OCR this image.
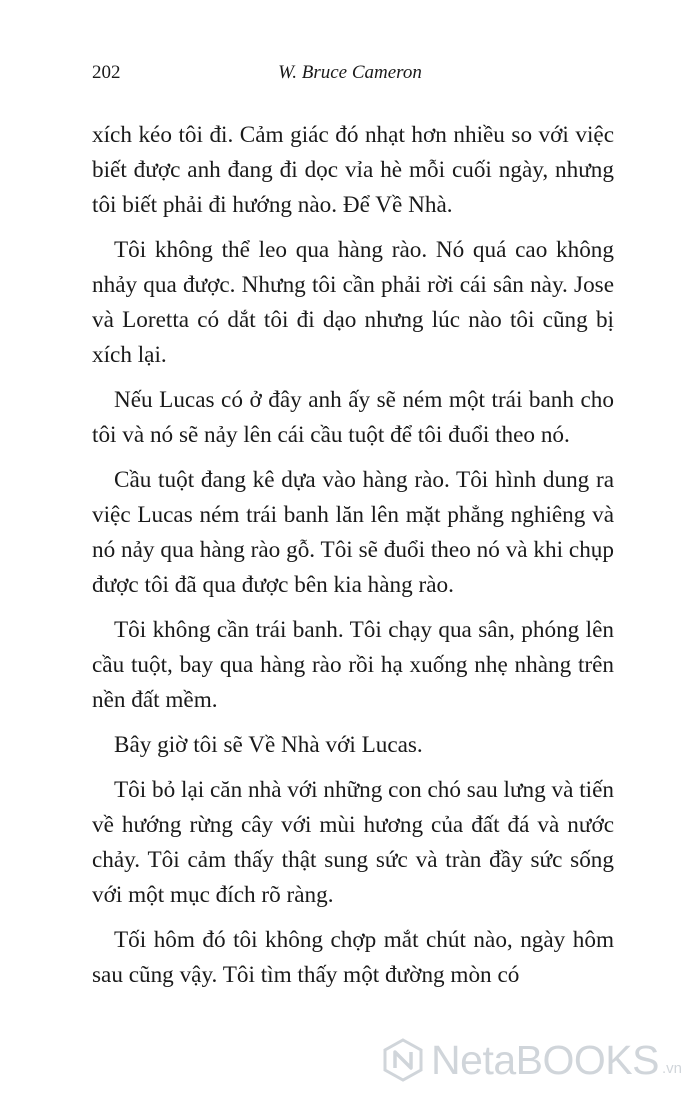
202	W. Bruce Cameron

xích kéo tôi đi. Cảm giác đó nhạt hơn nhiều so với việc biết được anh đang đi dọc vỉa hè mỗi cuối ngày, nhưng tôi biết phải đi hướng nào. Để Về Nhà.

Tôi không thể leo qua hàng rào. Nó quá cao không nhảy qua được. Nhưng tôi cần phải rời cái sân này. Jose và Loretta có dắt tôi đi dạo nhưng lúc nào tôi cũng bị xích lại.

Nếu Lucas có ở đây anh ấy sẽ ném một trái banh cho tôi và nó sẽ nảy lên cái cầu tuột để tôi đuổi theo nó.

Cầu tuột đang kê dựa vào hàng rào. Tôi hình dung ra việc Lucas ném trái banh lăn lên mặt phẳng nghiêng và nó nảy qua hàng rào gỗ. Tôi sẽ đuổi theo nó và khi chụp được tôi đã qua được bên kia hàng rào.

Tôi không cần trái banh. Tôi chạy qua sân, phóng lên cầu tuột, bay qua hàng rào rồi hạ xuống nhẹ nhàng trên nền đất mềm.

Bây giờ tôi sẽ Về Nhà với Lucas.

Tôi bỏ lại căn nhà với những con chó sau lưng và tiến về hướng rừng cây với mùi hương của đất đá và nước chảy. Tôi cảm thấy thật sung sức và tràn đầy sức sống với một mục đích rõ ràng.

Tối hôm đó tôi không chợp mắt chút nào, ngày hôm sau cũng vậy. Tôi tìm thấy một đường mòn có

NetaBOOKS .vn
